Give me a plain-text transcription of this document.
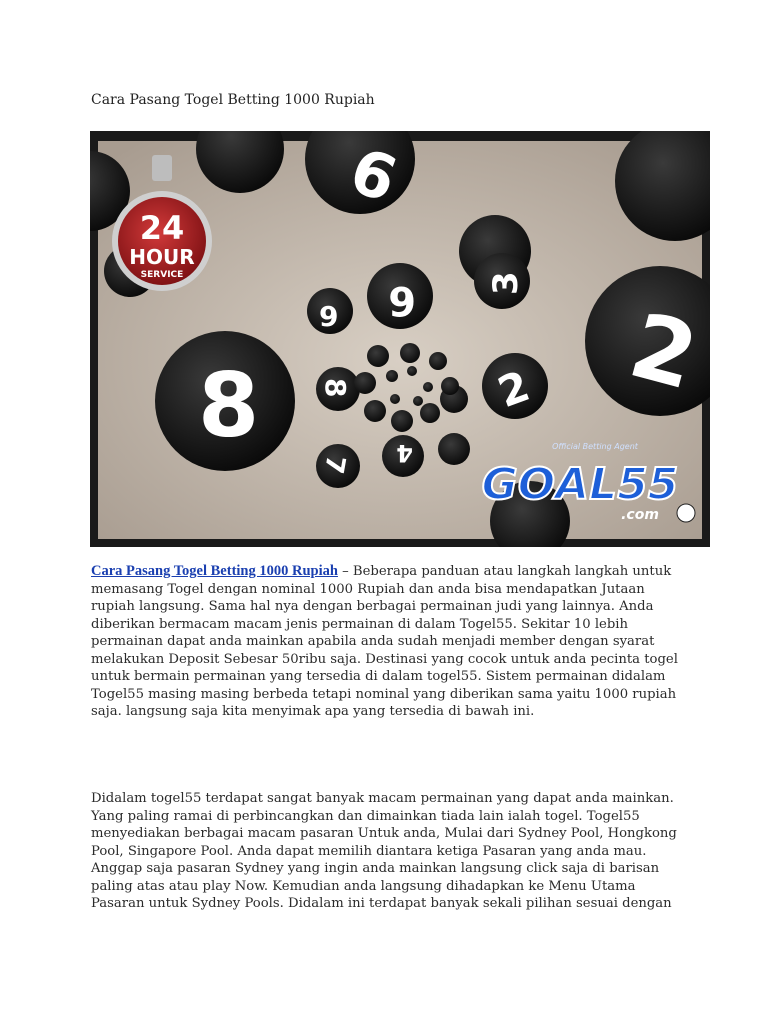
Cara Pasang Togel Betting 1000 Rupiah
6
2
8
6
9
3
2
8
7 4
24
HOUR
SERVICE
Official Betting Agent
GOAL55
.com

Cara Pasang Togel Betting 1000 Rupiah – Beberapa panduan atau langkah langkah untuk memasang Togel dengan nominal 1000 Rupiah dan anda bisa mendapatkan Jutaan rupiah langsung. Sama hal nya dengan berbagai permainan judi yang lainnya. Anda diberikan bermacam macam jenis permainan di dalam Togel55. Sekitar 10 lebih permainan dapat anda mainkan apabila anda sudah menjadi member dengan syarat melakukan Deposit Sebesar 50ribu saja. Destinasi yang cocok untuk anda pecinta togel untuk bermain permainan yang tersedia di dalam togel55. Sistem permainan didalam Togel55 masing masing berbeda tetapi nominal yang diberikan sama yaitu 1000 rupiah saja. langsung saja kita menyimak apa yang tersedia di bawah ini.

Didalam togel55 terdapat sangat banyak macam permainan yang dapat anda mainkan. Yang paling ramai di perbincangkan dan dimainkan tiada lain ialah togel. Togel55 menyediakan berbagai macam pasaran Untuk anda, Mulai dari Sydney Pool, Hongkong Pool, Singapore Pool. Anda dapat memilih diantara ketiga Pasaran yang anda mau. Anggap saja pasaran Sydney yang ingin anda mainkan langsung click saja di barisan paling atas atau play Now. Kemudian anda langsung dihadapkan ke Menu Utama Pasaran untuk Sydney Pools. Didalam ini terdapat banyak sekali pilihan sesuai dengan
